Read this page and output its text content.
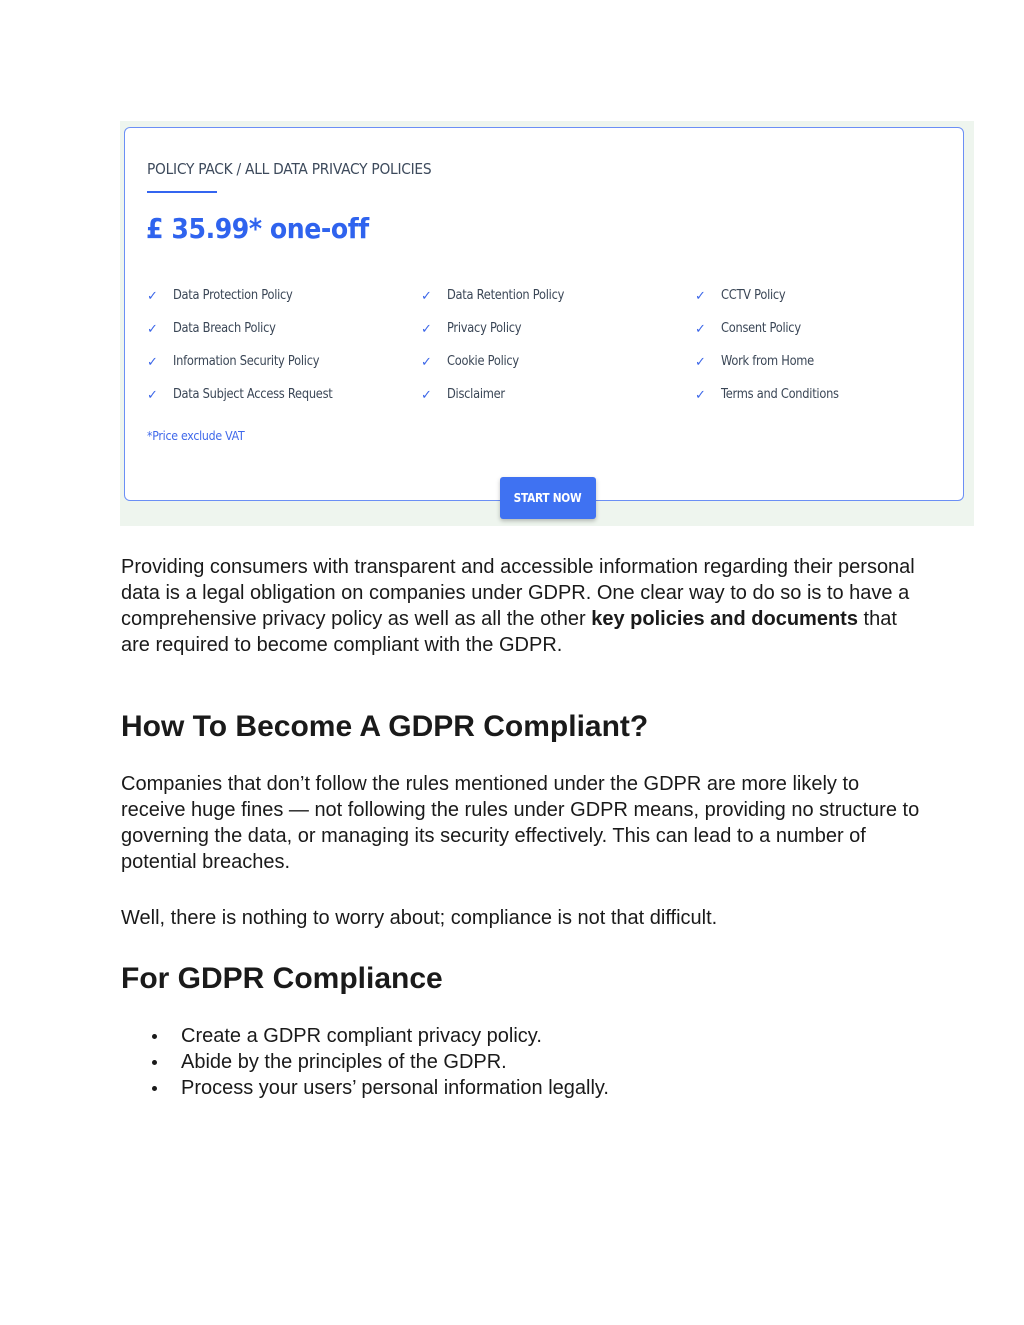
POLICY PACK / ALL DATA PRIVACY POLICIES
£ 35.99* one-off
✓	Data Protection Policy
✓	Data Breach Policy
✓	Information Security Policy
✓	Data Subject Access Request
✓	Data Retention Policy
✓	Privacy Policy
✓	Cookie Policy
✓	Disclaimer
✓	CCTV Policy
✓	Consent Policy
✓	Work from Home
✓	Terms and Conditions
*Price exclude VAT
START NOW

Providing consumers with transparent and accessible information regarding their personal data is a legal obligation on companies under GDPR. One clear way to do so is to have a comprehensive privacy policy as well as all the other key policies and documents that are required to become compliant with the GDPR.

How To Become A GDPR Compliant?

Companies that don’t follow the rules mentioned under the GDPR are more likely to receive huge fines — not following the rules under GDPR means, providing no structure to governing the data, or managing its security effectively. This can lead to a number of potential breaches.

Well, there is nothing to worry about; compliance is not that difficult.

For GDPR Compliance
Create a GDPR compliant privacy policy.
Abide by the principles of the GDPR.
Process your users’ personal information legally.
